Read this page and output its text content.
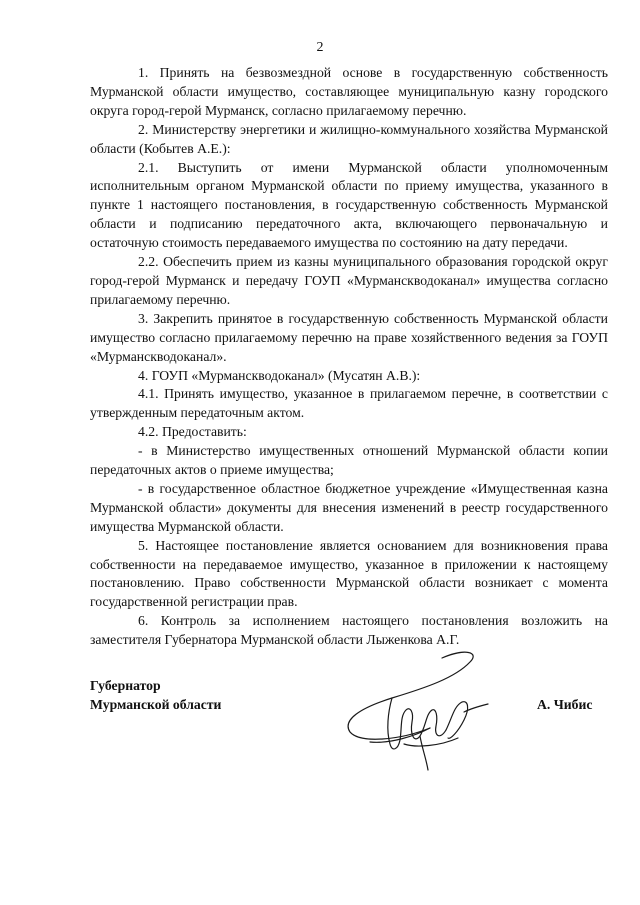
2

1. Принять на безвозмездной основе в государственную собственность Мурманской области имущество, составляющее муниципальную казну городского округа город-герой Мурманск, согласно прилагаемому перечню.

2. Министерству энергетики и жилищно-коммунального хозяйства Мурманской области (Кобытев А.Е.):

2.1. Выступить от имени Мурманской области уполномоченным исполнительным органом Мурманской области по приему имущества, указанного в пункте 1 настоящего постановления, в государственную собственность Мурманской области и подписанию передаточного акта, включающего первоначальную и остаточную стоимость передаваемого имущества по состоянию на дату передачи.

2.2. Обеспечить прием из казны муниципального образования городской округ город-герой Мурманск и передачу ГОУП «Мурманскводоканал» имущества согласно прилагаемому перечню.

3. Закрепить принятое в государственную собственность Мурманской области имущество согласно прилагаемому перечню на праве хозяйственного ведения за ГОУП «Мурманскводоканал».

4. ГОУП «Мурманскводоканал» (Мусатян А.В.):

4.1. Принять имущество, указанное в прилагаемом перечне, в соответствии с утвержденным передаточным актом.

4.2. Предоставить:

- в Министерство имущественных отношений Мурманской области копии передаточных актов о приеме имущества;

- в государственное областное бюджетное учреждение «Имущественная казна Мурманской области» документы для внесения изменений в реестр государственного имущества Мурманской области.

5. Настоящее постановление является основанием для возникновения права собственности на передаваемое имущество, указанное в приложении к настоящему постановлению. Право собственности Мурманской области возникает с момента государственной регистрации прав.

6. Контроль за исполнением настоящего постановления возложить на заместителя Губернатора Мурманской области Лыженкова А.Г.

Губернатор
Мурманской области	А. Чибис
